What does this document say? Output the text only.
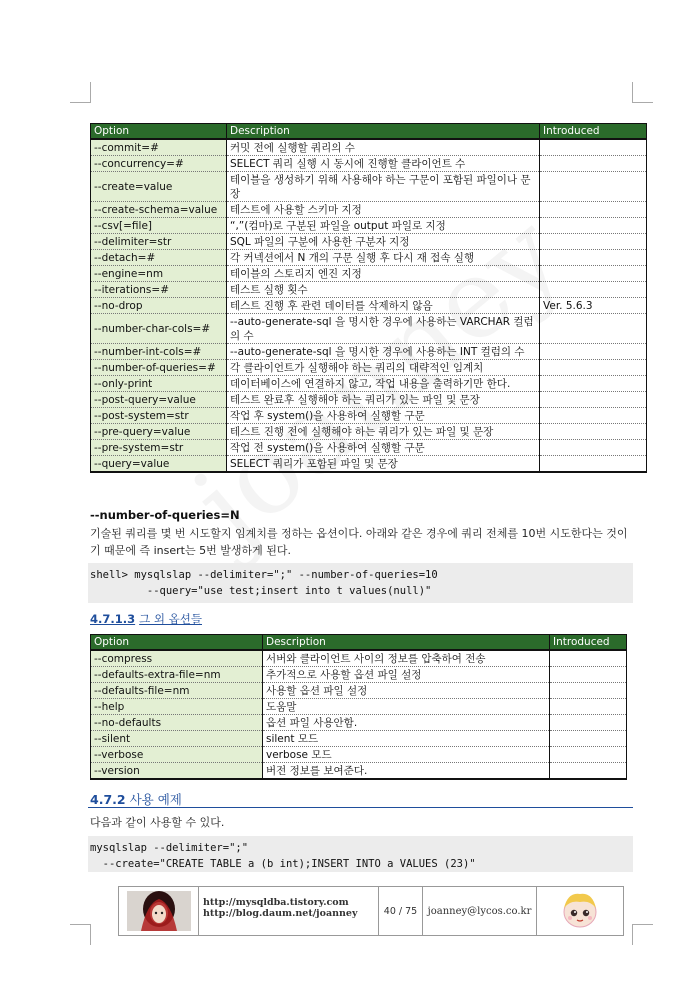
Option	Description	Introduced
--commit=#	커밋 전에 실행할 쿼리의 수	
--concurrency=#	SELECT 쿼리 실행 시 동시에 진행할 클라이언트 수	
--create=value	테이블을 생성하기 위해 사용해야 하는 구문이 포함된 파일이나 문장	
--create-schema=value	테스트에 사용할 스키마 지정	
--csv[=file]	“,”(컴마)로 구분된 파일을 output 파일로 지정	
--delimiter=str	SQL 파일의 구분에 사용한 구분자 지정	
--detach=#	각 커넥션에서 N 개의 구문 실행 후 다시 재 접속 실행	
--engine=nm	테이블의 스토리지 엔진 지정	
--iterations=#	테스트 실행 횟수	
--no-drop	테스트 진행 후 관련 데이터를 삭제하지 않음	Ver. 5.6.3
--number-char-cols=#	--auto-generate-sql 을 명시한 경우에 사용하는 VARCHAR 컬럼의 수	
--number-int-cols=#	--auto-generate-sql 을 명시한 경우에 사용하는 INT 컬럼의 수	
--number-of-queries=#	각 클라이언트가 실행해야 하는 쿼리의 대략적인 임계치	
--only-print	데이터베이스에 연결하지 않고, 작업 내용을 출력하기만 한다.	
--post-query=value	테스트 완료후 실행해야 하는 쿼리가 있는 파일 및 문장	
--post-system=str	작업 후 system()을 사용하여 실행할 구문	
--pre-query=value	테스트 진행 전에 실행해야 하는 쿼리가 있는 파일 및 문장	
--pre-system=str	작업 전 system()을 사용하여 실행할 구문	
--query=value	SELECT 쿼리가 포함된 파일 및 문장	
--number-of-queries=N
기술된 쿼리를 몇 번 시도할지 임계치를 정하는 옵션이다. 아래와 같은 경우에 쿼리 전체를 10번 시도한다는 것이기 때문에 즉 insert는 5번 발생하게 된다.
shell> mysqlslap --delimiter=";" --number-of-queries=10
--query="use test;insert into t values(null)"
4.7.1.3 그 외 옵션들
Option	Description	Introduced
--compress	서버와 클라이언트 사이의 정보를 압축하여 전송	
--defaults-extra-file=nm	추가적으로 사용할 옵션 파일 설정	
--defaults-file=nm	사용할 옵션 파일 설정	
--help	도움말	
--no-defaults	옵션 파일 사용안함.	
--silent	silent 모드	
--verbose	verbose 모드	
--version	버전 정보를 보여준다.	
4.7.2 사용 예제
다음과 같이 사용할 수 있다.
mysqlslap --delimiter=";"
--create="CREATE TABLE a (b int);INSERT INTO a VALUES (23)"
http://mysqldba.tistory.com
http://blog.daum.net/joanney	40 / 75	joanney@lycos.co.kr
